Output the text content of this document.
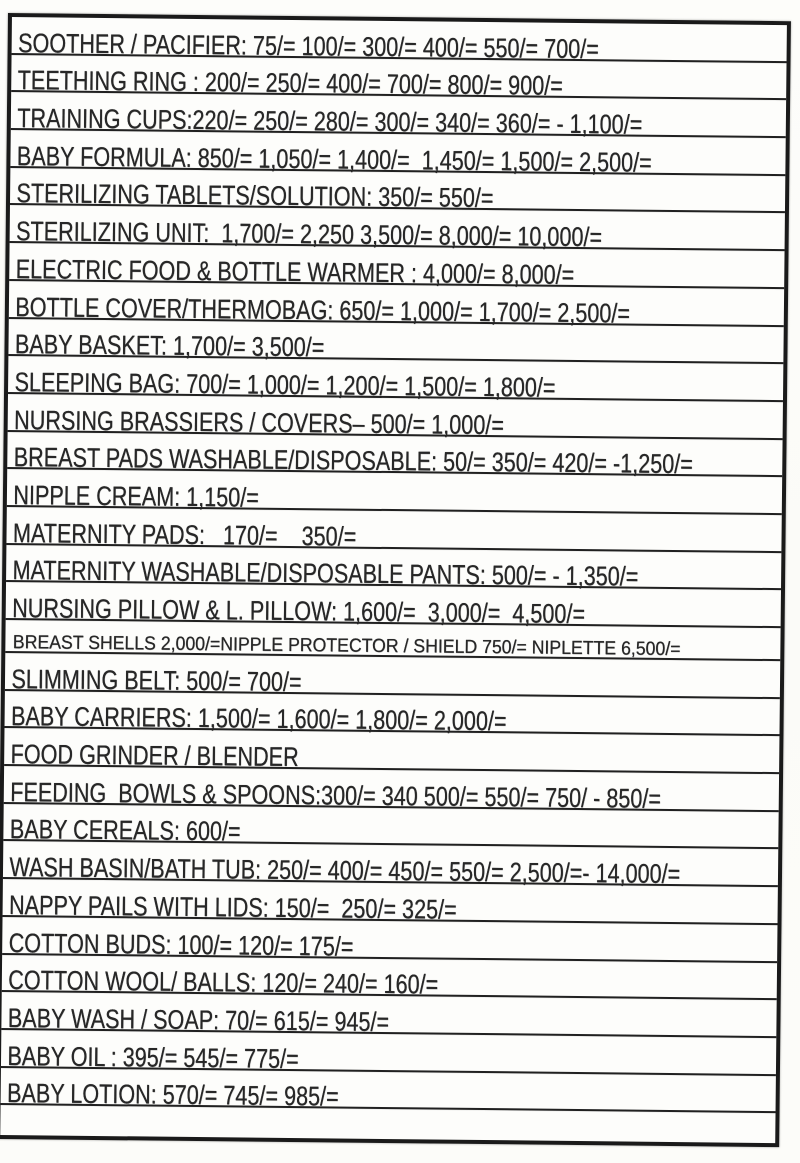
SOOTHER / PACIFIER: 75/= 100/= 300/= 400/= 550/= 700/=
TEETHING RING : 200/= 250/= 400/= 700/= 800/= 900/=
TRAINING CUPS:220/= 250/= 280/= 300/= 340/= 360/= - 1,100/=
BABY FORMULA: 850/= 1,050/= 1,400/=  1,450/= 1,500/= 2,500/=
STERILIZING TABLETS/SOLUTION: 350/= 550/=
STERILIZING UNIT:  1,700/= 2,250 3,500/= 8,000/= 10,000/=
ELECTRIC FOOD & BOTTLE WARMER : 4,000/= 8,000/=
BOTTLE COVER/THERMOBAG: 650/= 1,000/= 1,700/= 2,500/=
BABY BASKET: 1,700/= 3,500/=
SLEEPING BAG: 700/= 1,000/= 1,200/= 1,500/= 1,800/=
NURSING BRASSIERS / COVERS– 500/= 1,000/=
BREAST PADS WASHABLE/DISPOSABLE: 50/= 350/= 420/= -1,250/=
NIPPLE CREAM: 1,150/=
MATERNITY PADS:   170/=    350/=
MATERNITY WASHABLE/DISPOSABLE PANTS: 500/= - 1,350/=
NURSING PILLOW & L. PILLOW: 1,600/=  3,000/=  4,500/=
BREAST SHELLS 2,000/=NIPPLE PROTECTOR / SHIELD 750/= NIPLETTE 6,500/=
SLIMMING BELT: 500/= 700/=
BABY CARRIERS: 1,500/= 1,600/= 1,800/= 2,000/=
FOOD GRINDER / BLENDER
FEEDING  BOWLS & SPOONS:300/= 340 500/= 550/= 750/ - 850/=
BABY CEREALS: 600/=
WASH BASIN/BATH TUB: 250/= 400/= 450/= 550/= 2,500/=- 14,000/=
NAPPY PAILS WITH LIDS: 150/=  250/= 325/=
COTTON BUDS: 100/= 120/= 175/=
COTTON WOOL/ BALLS: 120/= 240/= 160/=
BABY WASH / SOAP: 70/= 615/= 945/=
BABY OIL : 395/= 545/= 775/=
BABY LOTION: 570/= 745/= 985/=
